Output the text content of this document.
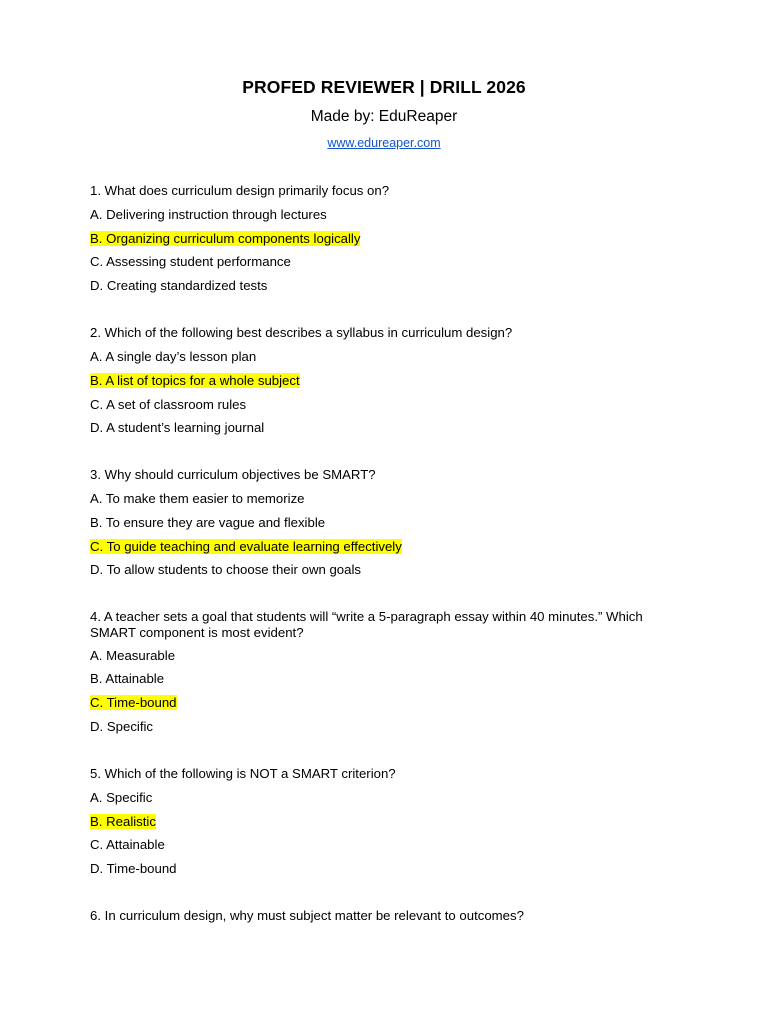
PROFED REVIEWER | DRILL 2026
Made by: EduReaper
www.edureaper.com
1. What does curriculum design primarily focus on?
A. Delivering instruction through lectures
B. Organizing curriculum components logically
C. Assessing student performance
D. Creating standardized tests
2. Which of the following best describes a syllabus in curriculum design?
A. A single day’s lesson plan
B. A list of topics for a whole subject
C. A set of classroom rules
D. A student’s learning journal
3. Why should curriculum objectives be SMART?
A. To make them easier to memorize
B. To ensure they are vague and flexible
C. To guide teaching and evaluate learning effectively
D. To allow students to choose their own goals
4. A teacher sets a goal that students will “write a 5-paragraph essay within 40 minutes.” Which SMART component is most evident?
A. Measurable
B. Attainable
C. Time-bound
D. Specific
5. Which of the following is NOT a SMART criterion?
A. Specific
B. Realistic
C. Attainable
D. Time-bound
6. In curriculum design, why must subject matter be relevant to outcomes?
